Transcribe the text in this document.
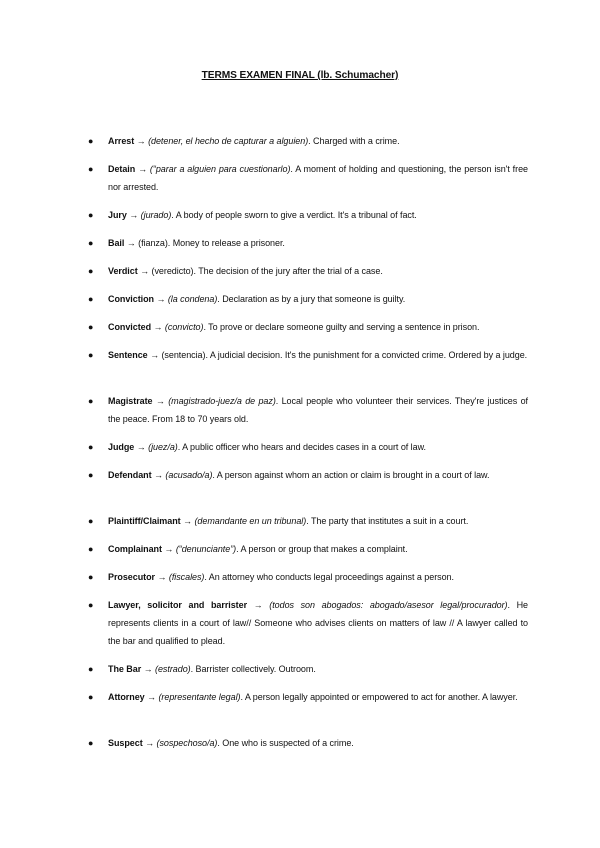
TERMS EXAMEN FINAL (lb. Schumacher)
●	Arrest → (detener, el hecho de capturar a alguien). Charged with a crime.
●	Detain → (“parar a alguien para cuestionarlo). A moment of holding and questioning, the person isn't free nor arrested.
●	Jury → (jurado). A body of people sworn to give a verdict. It's a tribunal of fact.
●	Bail → (fianza). Money to release a prisoner.
●	Verdict → (veredicto). The decision of the jury after the trial of a case.
●	Conviction → (la condena). Declaration as by a jury that someone is guilty.
●	Convicted → (convicto). To prove or declare someone guilty and serving a sentence in prison.
●	Sentence → (sentencia). A judicial decision. It's the punishment for a convicted crime. Ordered by a judge.
●	Magistrate → (magistrado-juez/a de paz). Local people who volunteer their services. They're justices of the peace. From 18 to 70 years old.
●	Judge → (juez/a). A public officer who hears and decides cases in a court of law.
●	Defendant → (acusado/a). A person against whom an action or claim is brought in a court of law.
●	Plaintiff/Claimant → (demandante en un tribunal). The party that institutes a suit in a court.
●	Complainant → (“denunciante”). A person or group that makes a complaint.
●	Prosecutor → (fiscales). An attorney who conducts legal proceedings against a person.
●	Lawyer, solicitor and barrister → (todos son abogados: abogado/asesor legal/procurador). He represents clients in a court of law// Someone who advises clients on matters of law // A lawyer called to the bar and qualified to plead.
●	The Bar → (estrado). Barrister collectively. Outroom.
●	Attorney → (representante legal). A person legally appointed or empowered to act for another. A lawyer.
●	Suspect → (sospechoso/a). One who is suspected of a crime.
